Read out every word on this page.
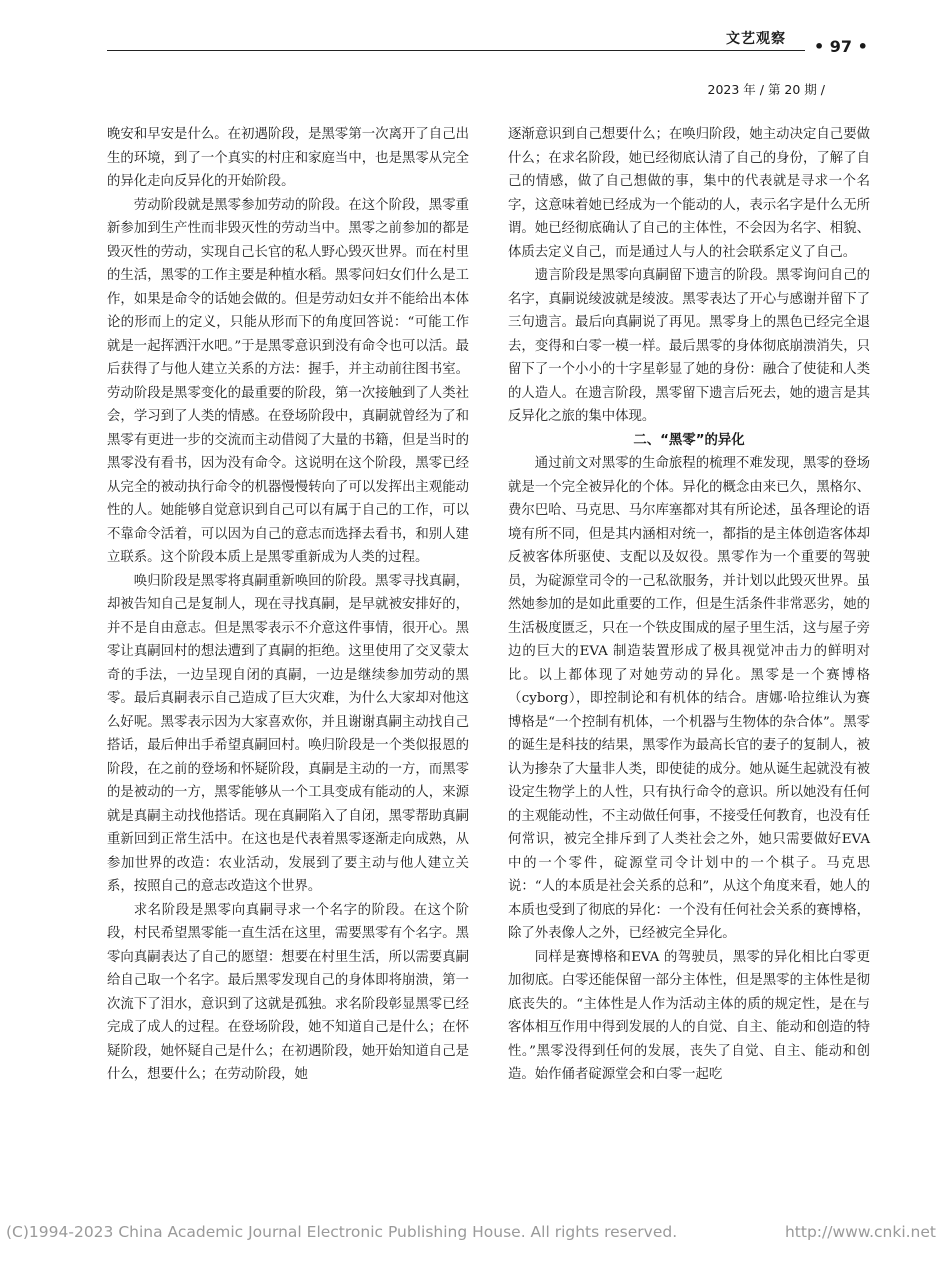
文艺观察 • 97 •
2023 年 / 第 20 期 /

晚安和早安是什么。在初遇阶段，是黑零第一次离开了自己出生的环境，到了一个真实的村庄和家庭当中，也是黑零从完全的异化走向反异化的开始阶段。

劳动阶段就是黑零参加劳动的阶段。在这个阶段，黑零重新参加到生产性而非毁灭性的劳动当中。黑零之前参加的都是毁灭性的劳动，实现自己长官的私人野心毁灭世界。而在村里的生活，黑零的工作主要是种植水稻。黑零问妇女们什么是工作，如果是命令的话她会做的。但是劳动妇女并不能给出本体论的形而上的定义，只能从形而下的角度回答说：“可能工作就是一起挥洒汗水吧。”于是黑零意识到没有命令也可以活。最后获得了与他人建立关系的方法：握手，并主动前往图书室。劳动阶段是黑零变化的最重要的阶段，第一次接触到了人类社会，学习到了人类的情感。在登场阶段中，真嗣就曾经为了和黑零有更进一步的交流而主动借阅了大量的书籍，但是当时的黑零没有看书，因为没有命令。这说明在这个阶段，黑零已经从完全的被动执行命令的机器慢慢转向了可以发挥出主观能动性的人。她能够自觉意识到自己可以有属于自己的工作，可以不靠命令活着，可以因为自己的意志而选择去看书，和别人建立联系。这个阶段本质上是黑零重新成为人类的过程。

唤归阶段是黑零将真嗣重新唤回的阶段。黑零寻找真嗣，却被告知自己是复制人，现在寻找真嗣，是早就被安排好的，并不是自由意志。但是黑零表示不介意这件事情，很开心。黑零让真嗣回村的想法遭到了真嗣的拒绝。这里使用了交叉蒙太奇的手法，一边呈现自闭的真嗣，一边是继续参加劳动的黑零。最后真嗣表示自己造成了巨大灾难，为什么大家却对他这么好呢。黑零表示因为大家喜欢你，并且谢谢真嗣主动找自己搭话，最后伸出手希望真嗣回村。唤归阶段是一个类似报恩的阶段，在之前的登场和怀疑阶段，真嗣是主动的一方，而黑零的是被动的一方，黑零能够从一个工具变成有能动的人，来源就是真嗣主动找他搭话。现在真嗣陷入了自闭，黑零帮助真嗣重新回到正常生活中。在这也是代表着黑零逐渐走向成熟，从参加世界的改造：农业活动，发展到了要主动与他人建立关系，按照自己的意志改造这个世界。

求名阶段是黑零向真嗣寻求一个名字的阶段。在这个阶段，村民希望黑零能一直生活在这里，需要黑零有个名字。黑零向真嗣表达了自己的愿望：想要在村里生活，所以需要真嗣给自己取一个名字。最后黑零发现自己的身体即将崩溃，第一次流下了泪水，意识到了这就是孤独。求名阶段彰显黑零已经完成了成人的过程。在登场阶段，她不知道自己是什么；在怀疑阶段，她怀疑自己是什么；在初遇阶段，她开始知道自己是什么，想要什么；在劳动阶段，她

逐渐意识到自己想要什么；在唤归阶段，她主动决定自己要做什么；在求名阶段，她已经彻底认清了自己的身份，了解了自己的情感，做了自己想做的事，集中的代表就是寻求一个名字，这意味着她已经成为一个能动的人，表示名字是什么无所谓。她已经彻底确认了自己的主体性，不会因为名字、相貌、体质去定义自己，而是通过人与人的社会联系定义了自己。

遗言阶段是黑零向真嗣留下遗言的阶段。黑零询问自己的名字，真嗣说绫波就是绫波。黑零表达了开心与感谢并留下了三句遗言。最后向真嗣说了再见。黑零身上的黑色已经完全退去，变得和白零一模一样。最后黑零的身体彻底崩溃消失，只留下了一个小小的十字星彰显了她的身份：融合了使徒和人类的人造人。在遗言阶段，黑零留下遗言后死去，她的遗言是其反异化之旅的集中体现。

二、“黑零”的异化

通过前文对黑零的生命旅程的梳理不难发现，黑零的登场就是一个完全被异化的个体。异化的概念由来已久，黑格尔、费尔巴哈、马克思、马尔库塞都对其有所论述，虽各理论的语境有所不同，但是其内涵相对统一，都指的是主体创造客体却反被客体所驱使、支配以及奴役。黑零作为一个重要的驾驶员，为碇源堂司令的一己私欲服务，并计划以此毁灭世界。虽然她参加的是如此重要的工作，但是生活条件非常恶劣，她的生活极度匮乏，只在一个铁皮围成的屋子里生活，这与屋子旁边的巨大的EVA 制造装置形成了极具视觉冲击力的鲜明对比。以上都体现了对她劳动的异化。黑零是一个赛博格（cyborg），即控制论和有机体的结合。唐娜·哈拉维认为赛博格是“一个控制有机体，一个机器与生物体的杂合体”。黑零的诞生是科技的结果，黑零作为最高长官的妻子的复制人，被认为掺杂了大量非人类，即使徒的成分。她从诞生起就没有被设定生物学上的人性，只有执行命令的意识。所以她没有任何的主观能动性，不主动做任何事，不接受任何教育，也没有任何常识，被完全排斥到了人类社会之外，她只需要做好EVA 中的一个零件，碇源堂司令计划中的一个棋子。马克思说：“人的本质是社会关系的总和”，从这个角度来看，她人的本质也受到了彻底的异化：一个没有任何社会关系的赛博格，除了外表像人之外，已经被完全异化。

同样是赛博格和EVA 的驾驶员，黑零的异化相比白零更加彻底。白零还能保留一部分主体性，但是黑零的主体性是彻底丧失的。“主体性是人作为活动主体的质的规定性，是在与客体相互作用中得到发展的人的自觉、自主、能动和创造的特性。”黑零没得到任何的发展，丧失了自觉、自主、能动和创造。始作俑者碇源堂会和白零一起吃

(C)1994-2023 China Academic Journal Electronic Publishing House. All rights reserved.	http://www.cnki.net
